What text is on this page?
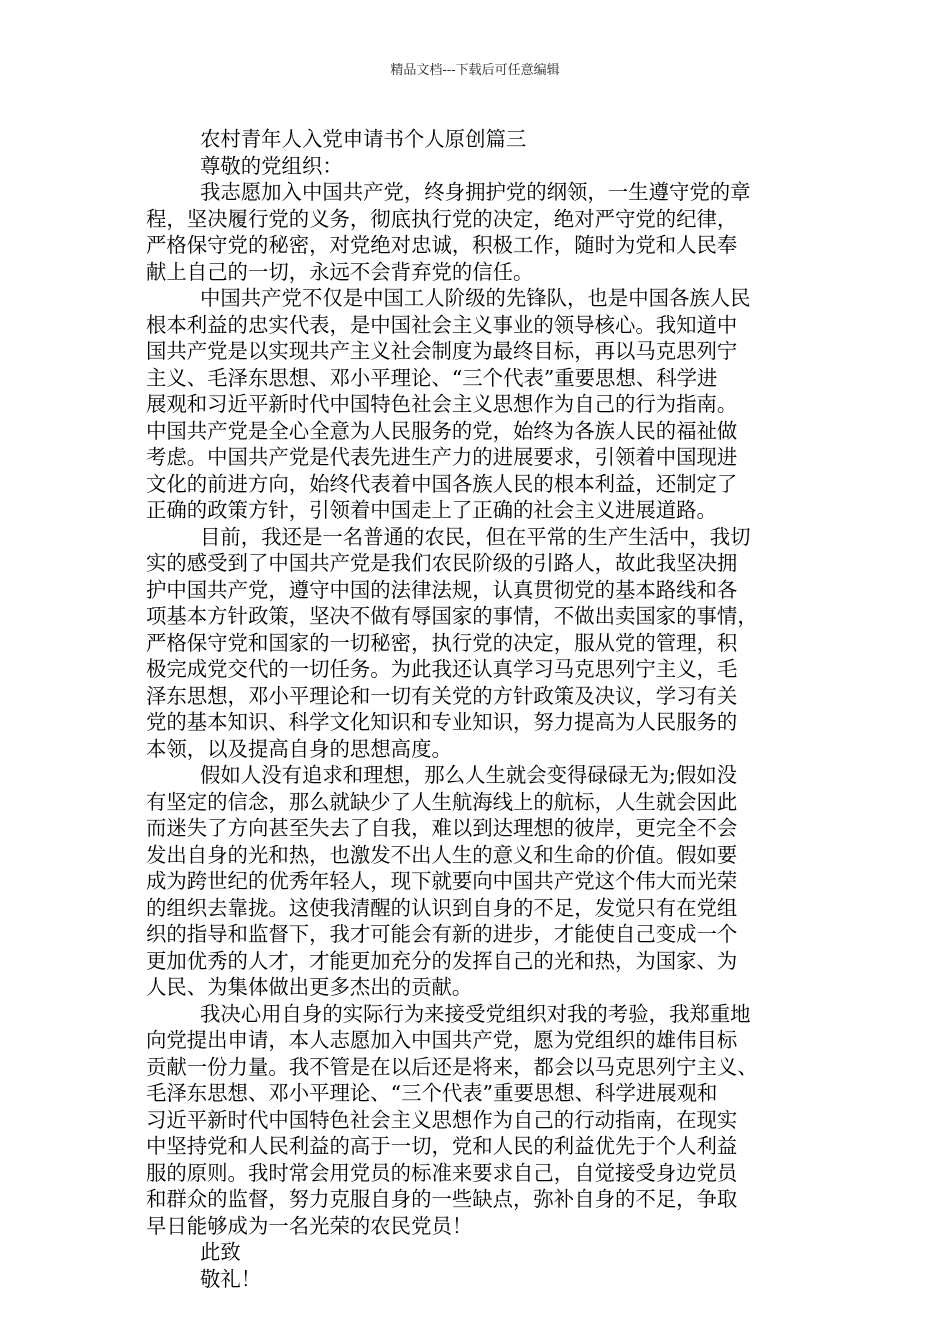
精品文档---下载后可任意编辑
农村青年人入党申请书个人原创篇三
尊敬的党组织：
我志愿加入中国共产党，终身拥护党的纲领，一生遵守党的章
程，坚决履行党的义务，彻底执行党的决定，绝对严守党的纪律，
严格保守党的秘密，对党绝对忠诚，积极工作，随时为党和人民奉
献上自己的一切，永远不会背弃党的信任。
中国共产党不仅是中国工人阶级的先锋队，也是中国各族人民
根本利益的忠实代表，是中国社会主义事业的领导核心。我知道中
国共产党是以实现共产主义社会制度为最终目标，再以马克思列宁
主义、毛泽东思想、邓小平理论、“三个代表”重要思想、科学进
展观和习近平新时代中国特色社会主义思想作为自己的行为指南。
中国共产党是全心全意为人民服务的党，始终为各族人民的福祉做
考虑。中国共产党是代表先进生产力的进展要求，引领着中国现进
文化的前进方向，始终代表着中国各族人民的根本利益，还制定了
正确的政策方针，引领着中国走上了正确的社会主义进展道路。
目前，我还是一名普通的农民，但在平常的生产生活中，我切
实的感受到了中国共产党是我们农民阶级的引路人，故此我坚决拥
护中国共产党，遵守中国的法律法规，认真贯彻党的基本路线和各
项基本方针政策，坚决不做有辱国家的事情，不做出卖国家的事情，
严格保守党和国家的一切秘密，执行党的决定，服从党的管理，积
极完成党交代的一切任务。为此我还认真学习马克思列宁主义，毛
泽东思想，邓小平理论和一切有关党的方针政策及决议，学习有关
党的基本知识、科学文化知识和专业知识，努力提高为人民服务的
本领，以及提高自身的思想高度。
假如人没有追求和理想，那么人生就会变得碌碌无为;假如没
有坚定的信念，那么就缺少了人生航海线上的航标，人生就会因此
而迷失了方向甚至失去了自我，难以到达理想的彼岸，更完全不会
发出自身的光和热，也激发不出人生的意义和生命的价值。假如要
成为跨世纪的优秀年轻人，现下就要向中国共产党这个伟大而光荣
的组织去靠拢。这使我清醒的认识到自身的不足，发觉只有在党组
织的指导和监督下，我才可能会有新的进步，才能使自己变成一个
更加优秀的人才，才能更加充分的发挥自己的光和热，为国家、为
人民、为集体做出更多杰出的贡献。
我决心用自身的实际行为来接受党组织对我的考验，我郑重地
向党提出申请，本人志愿加入中国共产党，愿为党组织的雄伟目标
贡献一份力量。我不管是在以后还是将来，都会以马克思列宁主义、
毛泽东思想、邓小平理论、“三个代表”重要思想、科学进展观和
习近平新时代中国特色社会主义思想作为自己的行动指南，在现实
中坚持党和人民利益的高于一切，党和人民的利益优先于个人利益
服的原则。我时常会用党员的标准来要求自己，自觉接受身边党员
和群众的监督，努力克服自身的一些缺点，弥补自身的不足，争取
早日能够成为一名光荣的农民党员！
此致
敬礼！
